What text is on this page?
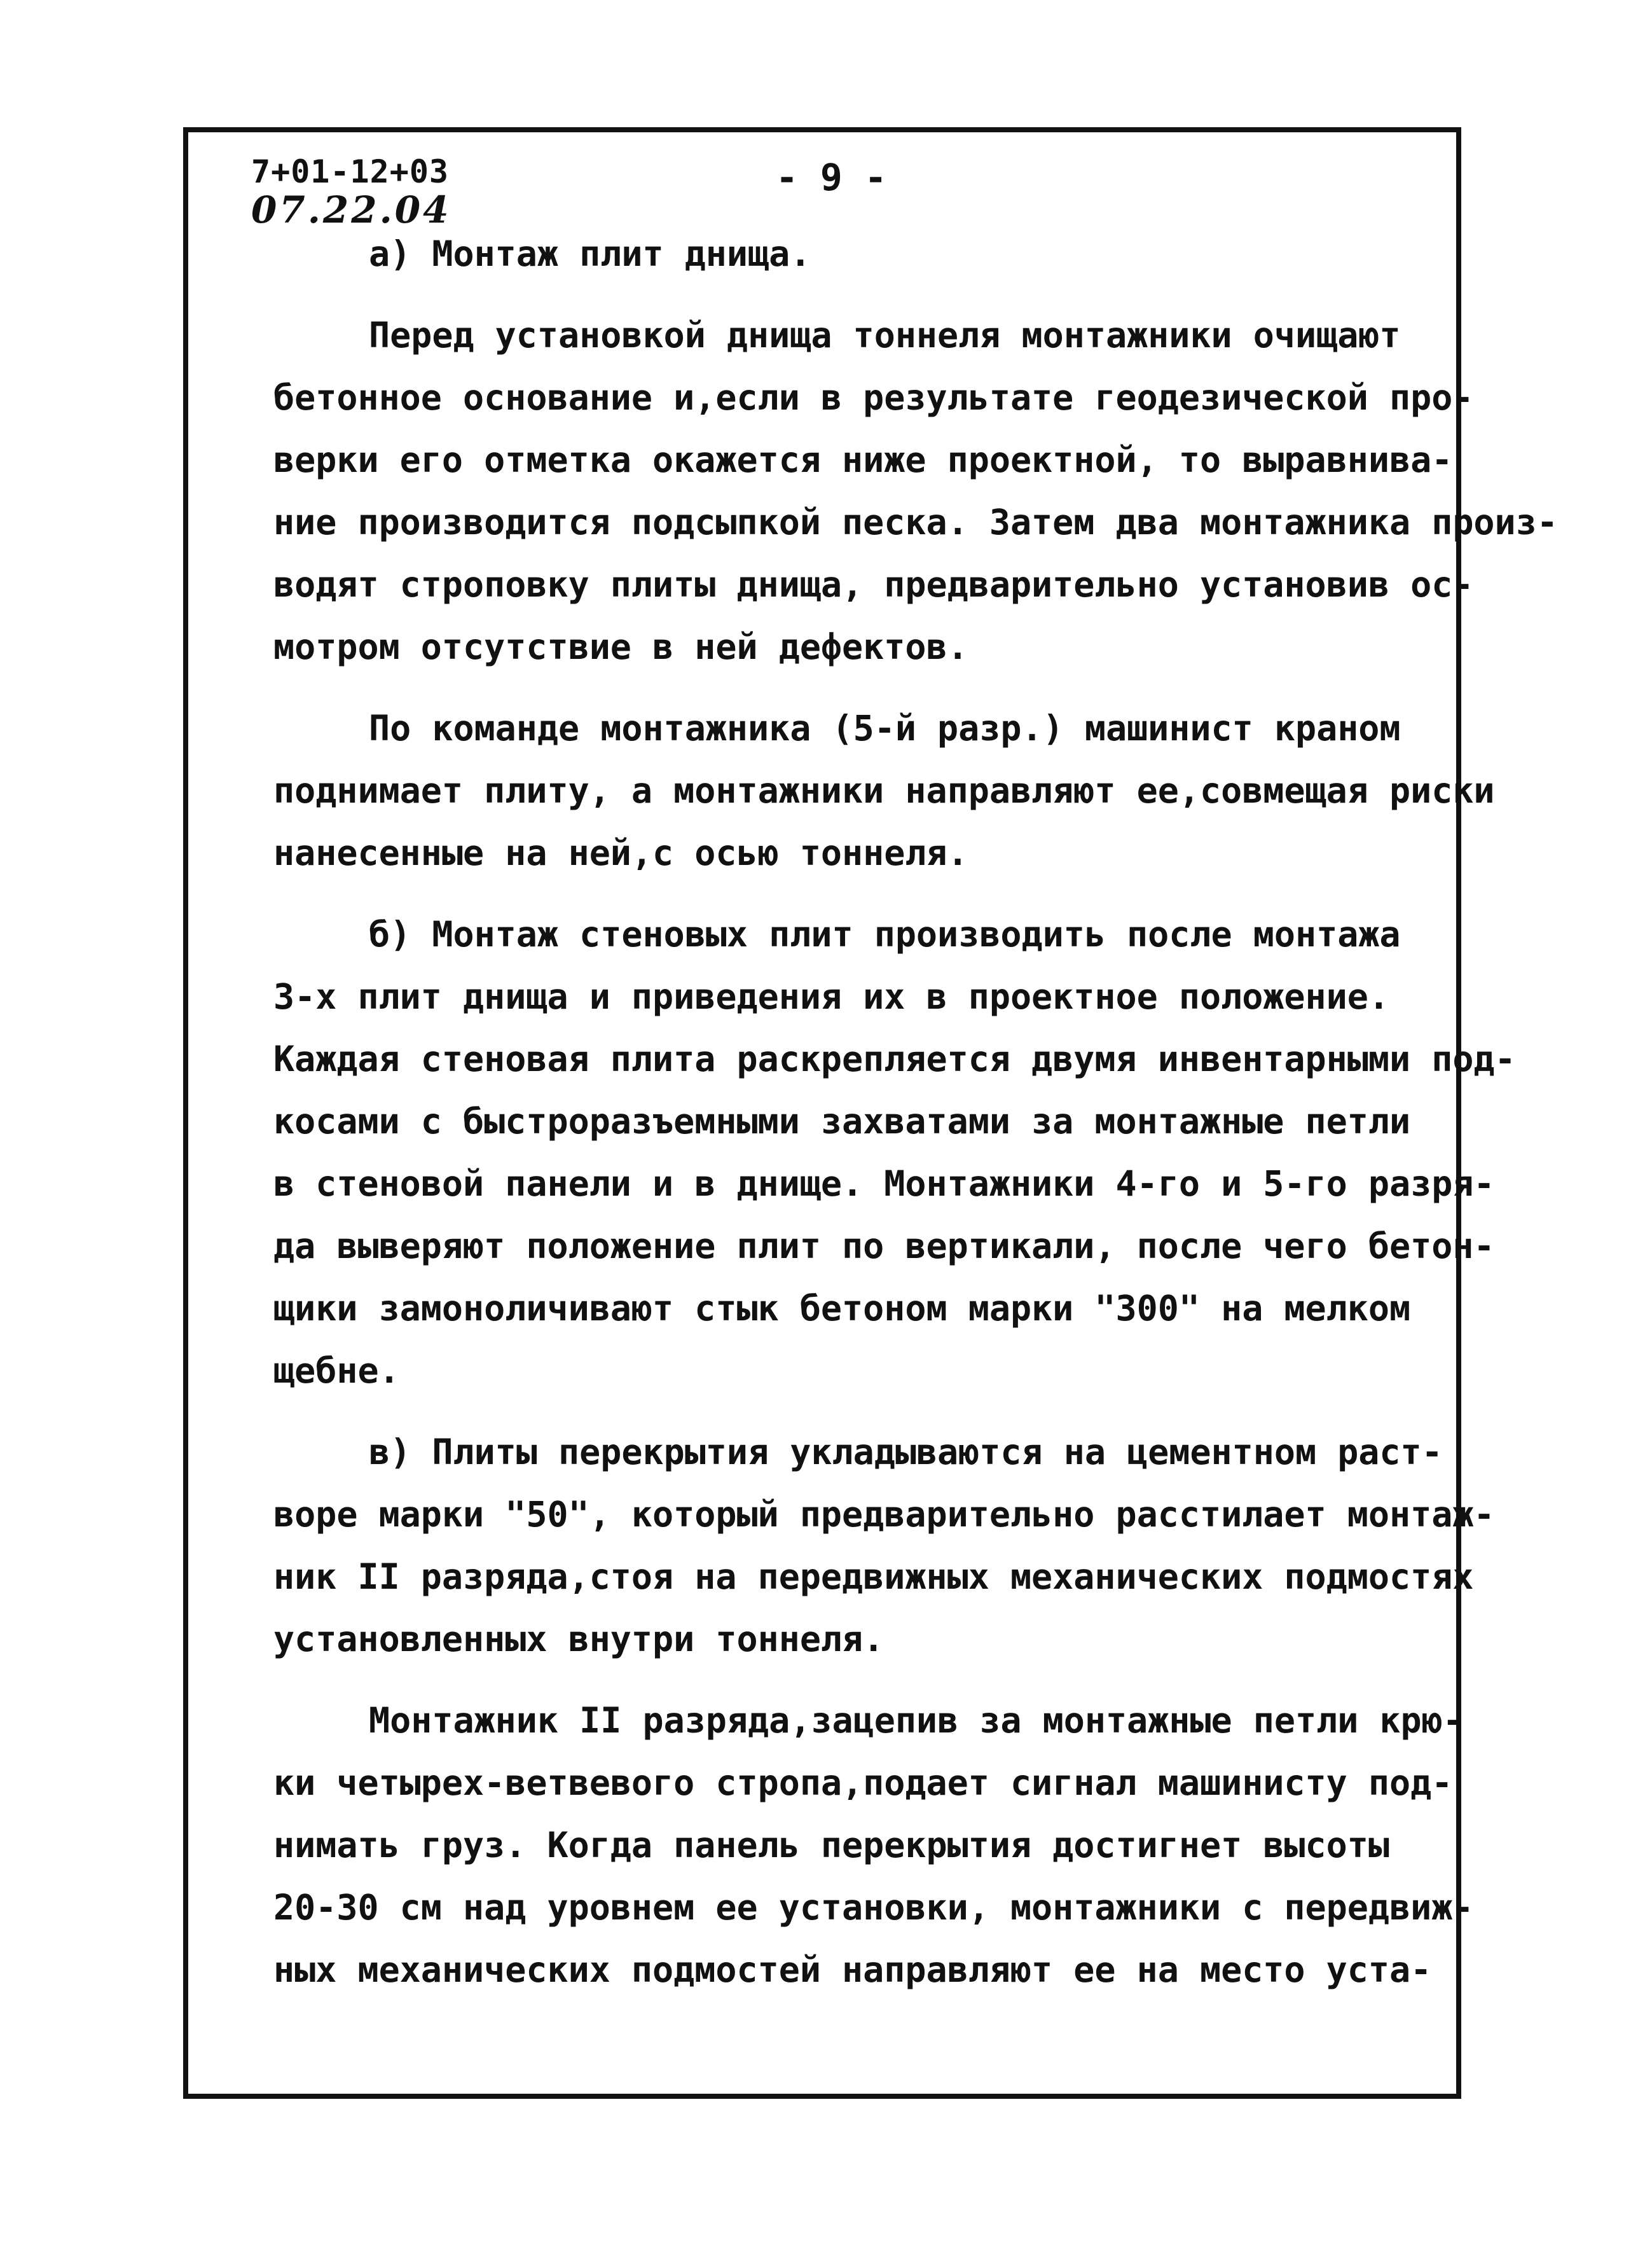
7+01-12+03
07.22.04
- 9 -
а) Монтаж плит днища.
Перед установкой днища тоннеля монтажники очищают
бетонное основание и,если в результате геодезической про-
верки его отметка окажется ниже проектной, то выравнива-
ние производится подсыпкой песка. Затем два монтажника произ-
водят строповку плиты днища, предварительно установив ос-
мотром отсутствие в ней дефектов.
По команде монтажника (5-й разр.) машинист краном
поднимает плиту, а монтажники направляют ее,совмещая риски
нанесенные на ней,с осью тоннеля.
б) Монтаж стеновых плит производить после монтажа
3-х плит днища и приведения их в проектное положение.
Каждая стеновая плита раскрепляется двумя инвентарными под-
косами с быстроразъемными захватами за монтажные петли
в стеновой панели и в днище. Монтажники 4-го и 5-го разря-
да выверяют положение плит по вертикали, после чего бетон-
щики замоноличивают стык бетоном марки "300" на мелком
щебне.
в) Плиты перекрытия укладываются на цементном раст-
воре марки "50", который предварительно расстилает монтаж-
ник II разряда,стоя на передвижных механических подмостях
установленных внутри тоннеля.
Монтажник II разряда,зацепив за монтажные петли крю-
ки четырех-ветвевого стропа,подает сигнал машинисту под-
нимать груз. Когда панель перекрытия достигнет высоты
20-30 см над уровнем ее установки, монтажники с передвиж-
ных механических подмостей направляют ее на место уста-
